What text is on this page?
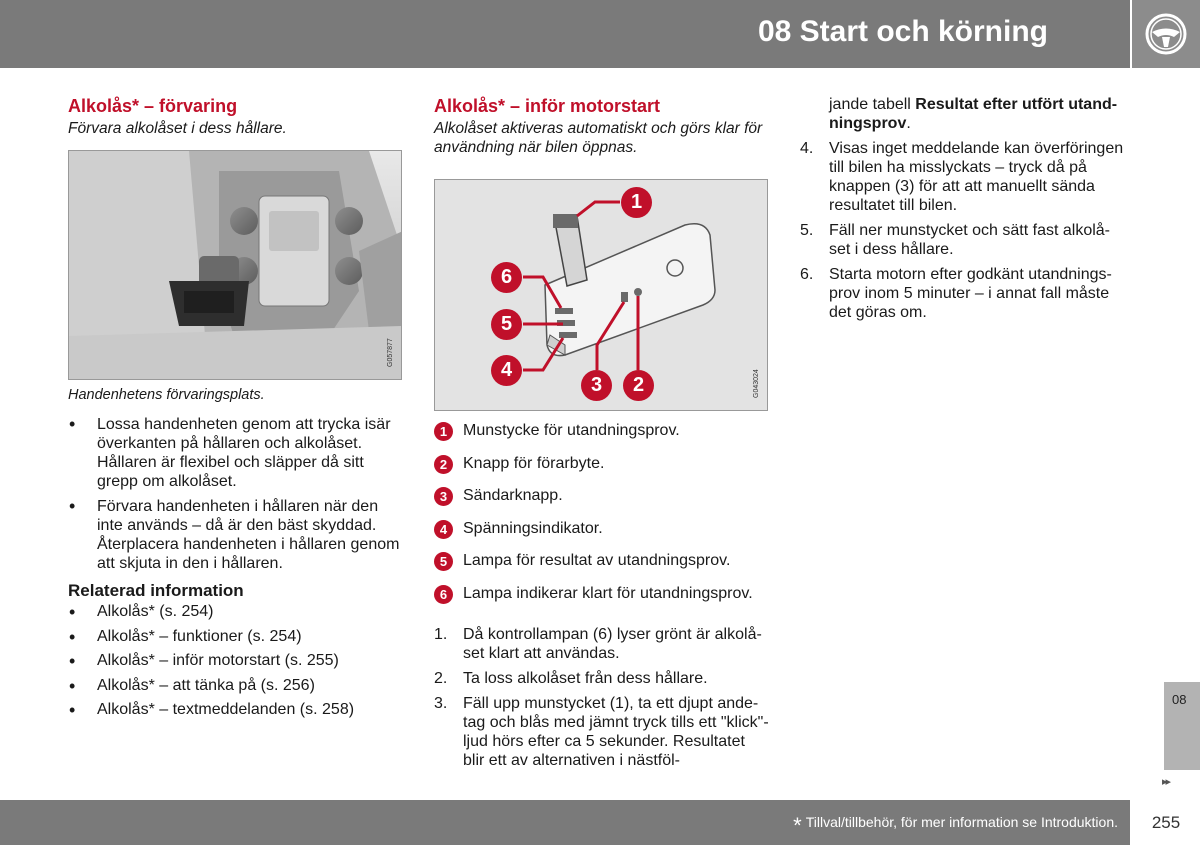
08 Start och körning
Alkolås* – förvaring
Förvara alkolåset i dess hållare.
G057877
Handenhetens förvaringsplats.
• Lossa handenheten genom att trycka isär överkanten på hållaren och alkolåset. Hållaren är flexibel och släpper då sitt grepp om alkolåset.
• Förvara handenheten i hållaren när den inte används – då är den bäst skyddad. Återplacera handenheten i hållaren genom att skjuta in den i hållaren.
Relaterad information
• Alkolås* (s. 254)
• Alkolås* – funktioner (s. 254)
• Alkolås* – inför motorstart (s. 255)
• Alkolås* – att tänka på (s. 256)
• Alkolås* – textmeddelanden (s. 258)
Alkolås* – inför motorstart
Alkolåset aktiveras automatiskt och görs klar för användning när bilen öppnas.
1
6
5
4
3	2	G043024
1 Munstycke för utandningsprov.
2 Knapp för förarbyte.
3 Sändarknapp.
4 Spänningsindikator.
5 Lampa för resultat av utandningsprov.
6 Lampa indikerar klart för utandningsprov.
1. Då kontrollampan (6) lyser grönt är alkolå- set klart att användas.
2. Ta loss alkolåset från dess hållare.
3. Fäll upp munstycket (1), ta ett djupt ande- tag och blås med jämnt tryck tills ett "klick"-ljud hörs efter ca 5 sekunder. Resultatet blir ett av alternativen i nästföl-
jande tabell Resultat efter utfört utand- ningsprov.
4. Visas inget meddelande kan överföringen till bilen ha misslyckats – tryck då på knappen (3) för att att manuellt sända resultatet till bilen.
5. Fäll ner munstycket och sätt fast alkolå- set i dess hållare.
6. Starta motorn efter godkänt utandnings- prov inom 5 minuter – i annat fall måste det göras om.
08
▸▸
* Tillval/tillbehör, för mer information se Introduktion.	255
